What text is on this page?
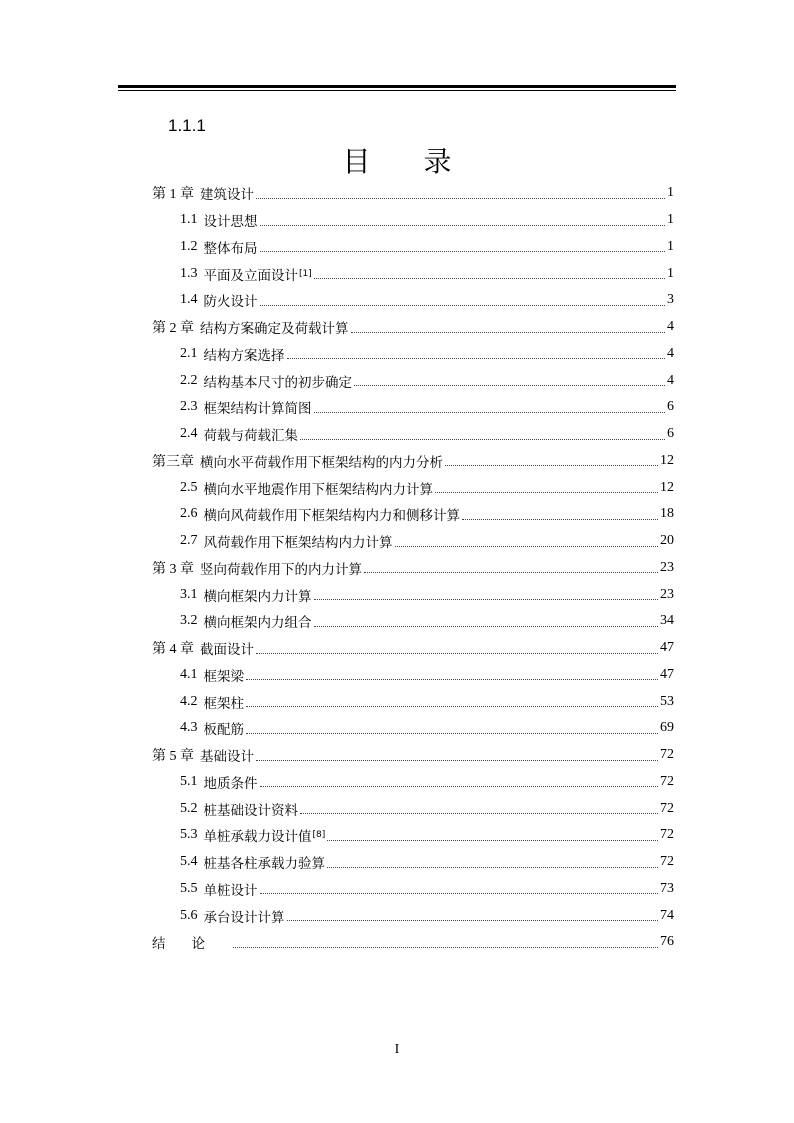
1.1.1
目 录
第 1 章 建筑设计	1
1.1 设计思想	1
1.2 整体布局	1
1.3 平面及立面设计 [1]	1
1.4 防火设计	3
第 2 章 结构方案确定及荷载计算	4
2.1 结构方案选择	4
2.2 结构基本尺寸的初步确定	4
2.3 框架结构计算简图	6
2.4 荷载与荷载汇集	6
第三章 横向水平荷载作用下框架结构的内力分析	12
2.5 横向水平地震作用下框架结构内力计算	12
2.6 横向风荷载作用下框架结构内力和侧移计算	18
2.7 风荷载作用下框架结构内力计算	20
第 3 章 竖向荷载作用下的内力计算	23
3.1 横向框架内力计算	23
3.2 横向框架内力组合	34
第 4 章 截面设计	47
4.1 框架梁	47
4.2 框架柱	53
4.3 板配筋	69
第 5 章 基础设计	72
5.1 地质条件	72
5.2 桩基础设计资料	72
5.3 单桩承载力设计值 [8]	72
5.4 桩基各柱承载力验算	72
5.5 单桩设计	73
5.6 承台设计计算	74
结论	76
I
